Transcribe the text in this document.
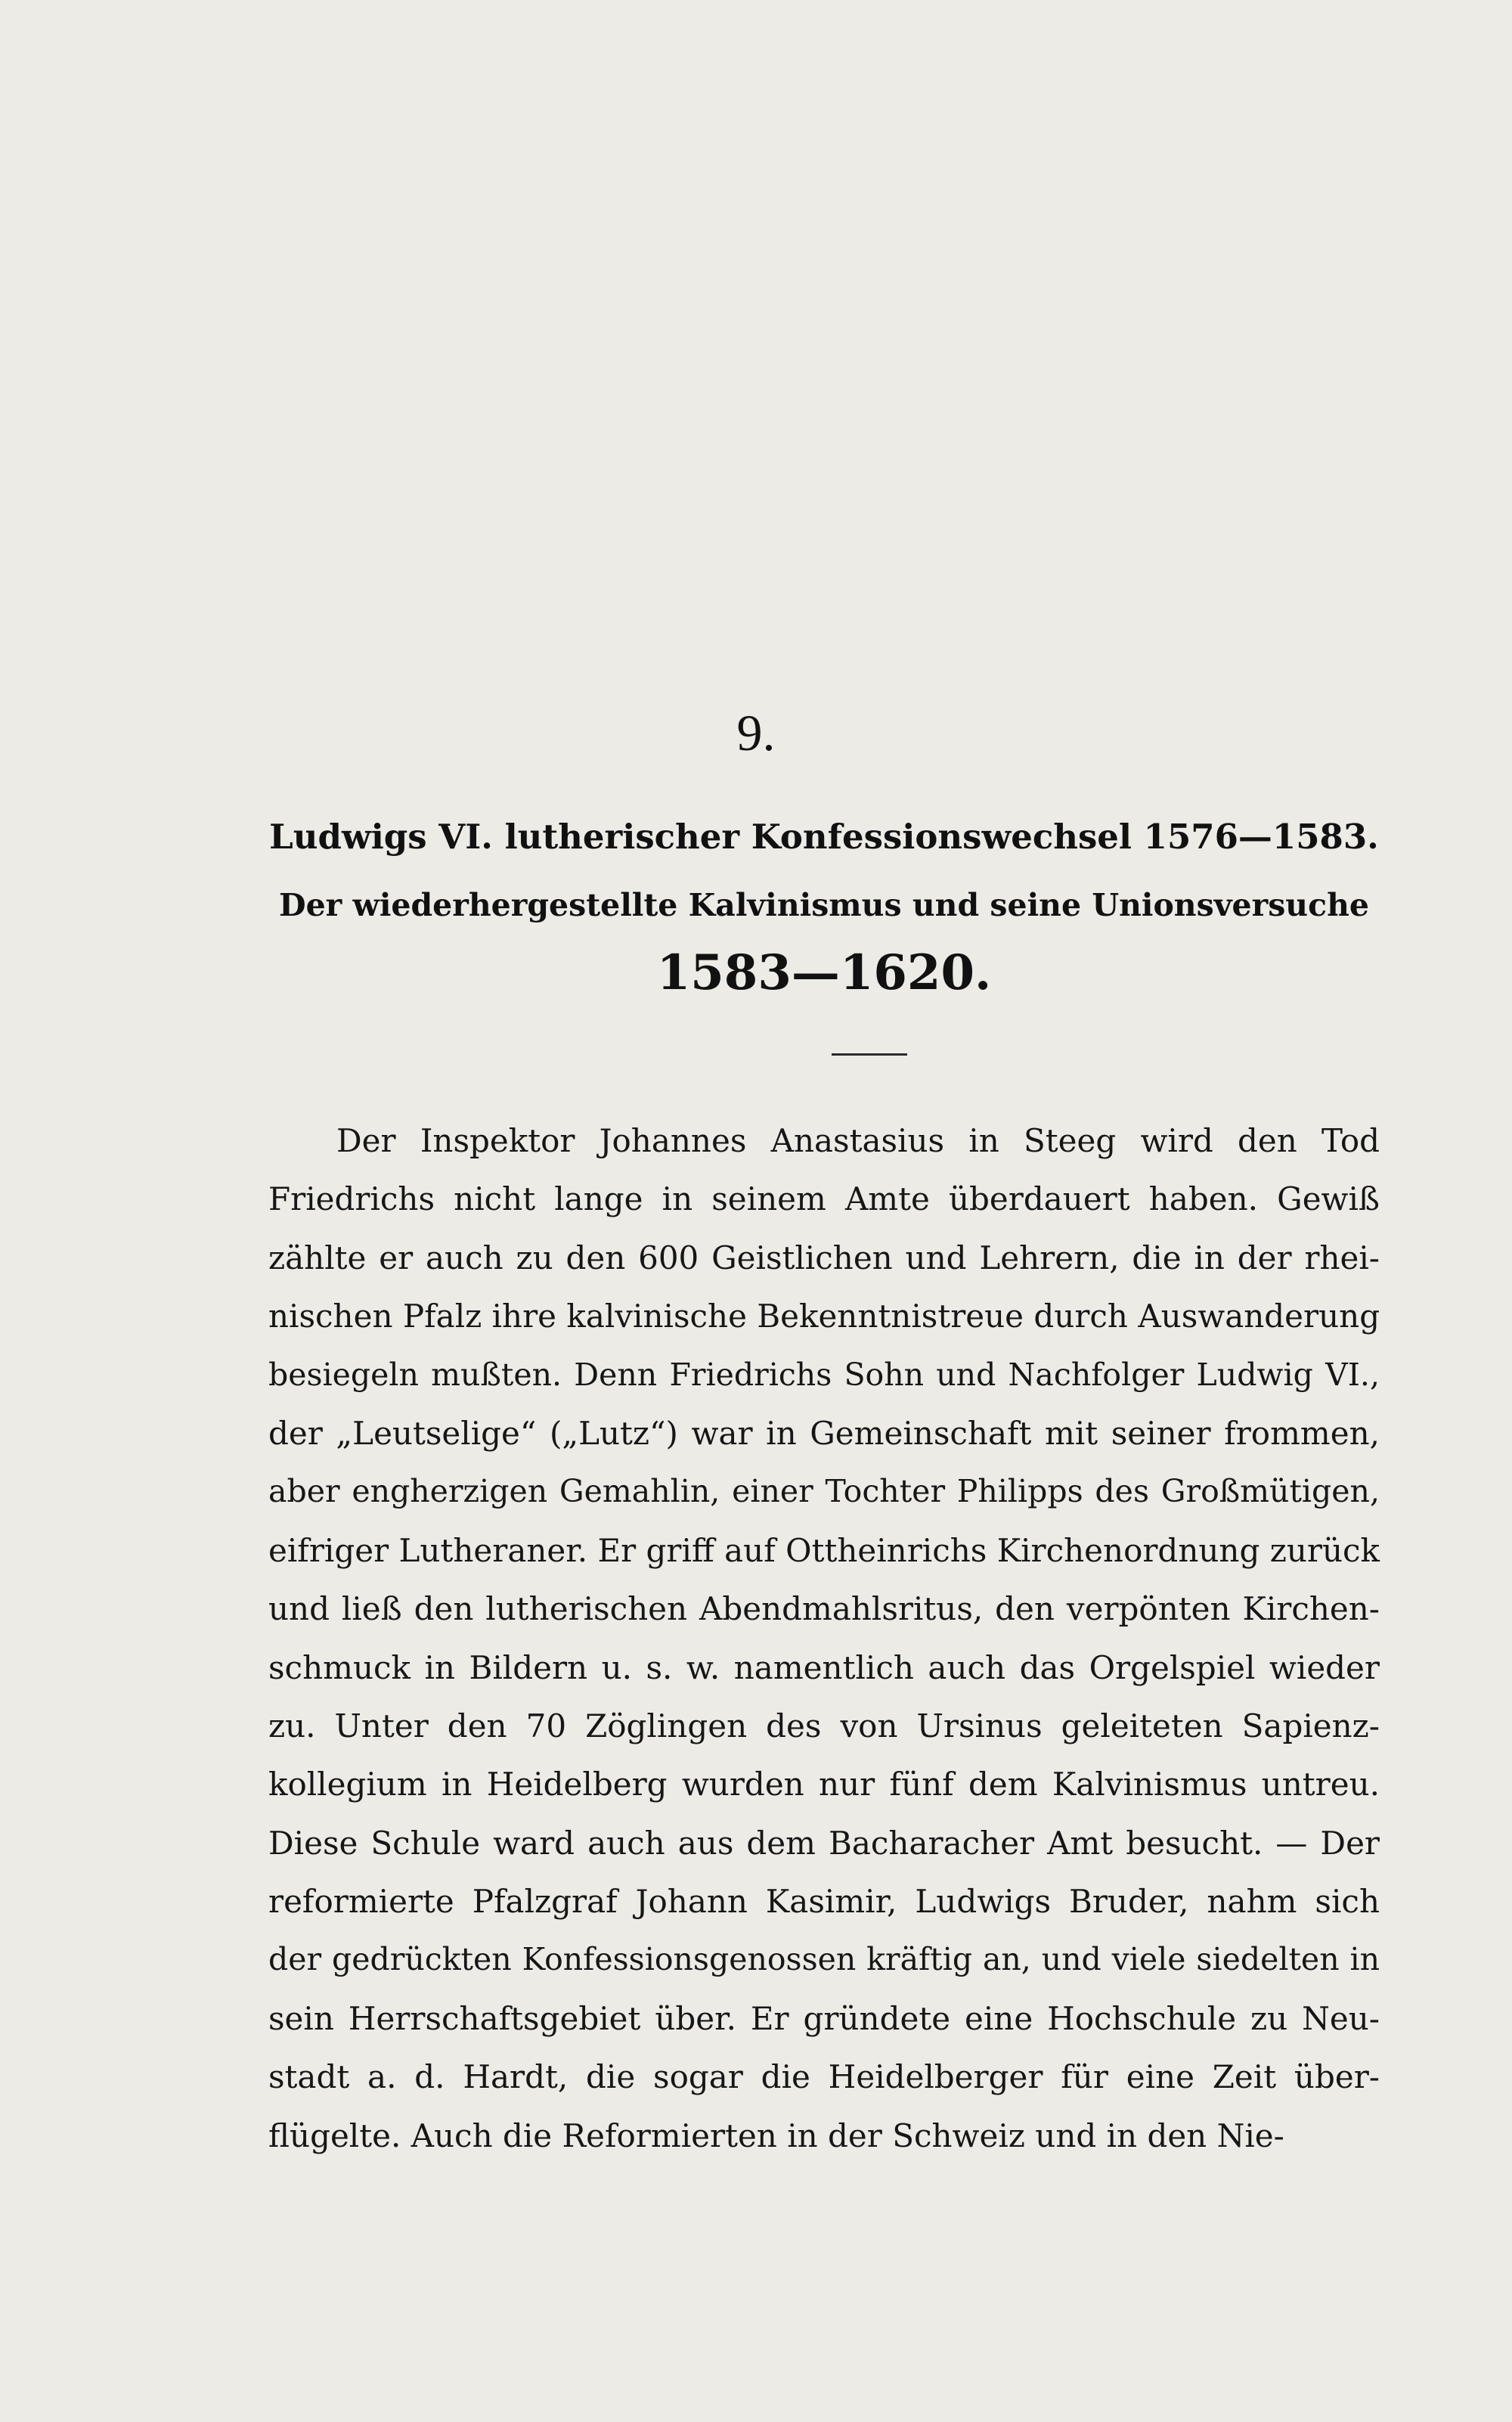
9.
Ludwigs VI. lutherischer Konfessionswechsel 1576—1583.
Der wiederhergestellte Kalvinismus und seine Unionsversuche
1583—1620.
Der Inspektor Johannes Anastasius in Steeg wird den Tod
Friedrichs nicht lange in seinem Amte überdauert haben. Gewiß
zählte er auch zu den 600 Geistlichen und Lehrern, die in der rhei-
nischen Pfalz ihre kalvinische Bekenntnistreue durch Auswanderung
besiegeln mußten. Denn Friedrichs Sohn und Nachfolger Ludwig VI.,
der „Leutselige“ („Lutz“) war in Gemeinschaft mit seiner frommen,
aber engherzigen Gemahlin, einer Tochter Philipps des Großmütigen,
eifriger Lutheraner. Er griff auf Ottheinrichs Kirchenordnung zurück
und ließ den lutherischen Abendmahlsritus, den verpönten Kirchen-
schmuck in Bildern u. s. w. namentlich auch das Orgelspiel wieder
zu. Unter den 70 Zöglingen des von Ursinus geleiteten Sapienz-
kollegium in Heidelberg wurden nur fünf dem Kalvinismus untreu.
Diese Schule ward auch aus dem Bacharacher Amt besucht. — Der
reformierte Pfalzgraf Johann Kasimir, Ludwigs Bruder, nahm sich
der gedrückten Konfessionsgenossen kräftig an, und viele siedelten in
sein Herrschaftsgebiet über. Er gründete eine Hochschule zu Neu-
stadt a. d. Hardt, die sogar die Heidelberger für eine Zeit über-
flügelte. Auch die Reformierten in der Schweiz und in den Nie-
